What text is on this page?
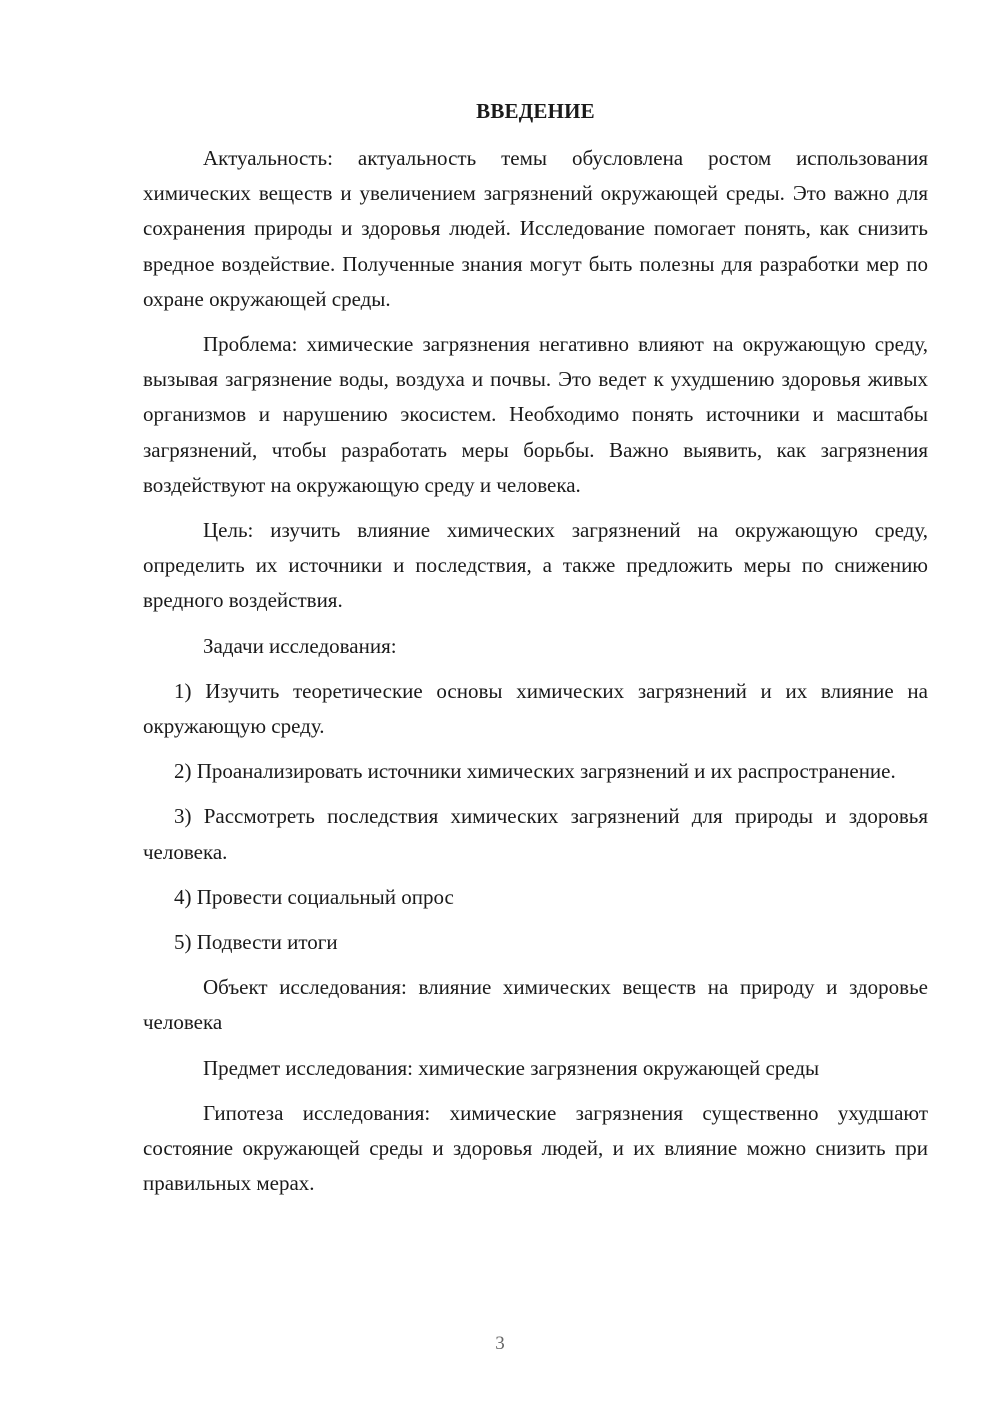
ВВЕДЕНИЕ

Актуальность: актуальность темы обусловлена ростом использования химических веществ и увеличением загрязнений окружающей среды. Это важно для сохранения природы и здоровья людей. Исследование помогает понять, как снизить вредное воздействие. Полученные знания могут быть полезны для разработки мер по охране окружающей среды.

Проблема: химические загрязнения негативно влияют на окружающую среду, вызывая загрязнение воды, воздуха и почвы. Это ведет к ухудшению здоровья живых организмов и нарушению экосистем. Необходимо понять источники и масштабы загрязнений, чтобы разработать меры борьбы. Важно выявить, как загрязнения воздействуют на окружающую среду и человека.

Цель: изучить влияние химических загрязнений на окружающую среду, определить их источники и последствия, а также предложить меры по снижению вредного воздействия.

Задачи исследования:

1) Изучить теоретические основы химических загрязнений и их влияние на окружающую среду.

2) Проанализировать источники химических загрязнений и их распространение.

3) Рассмотреть последствия химических загрязнений для природы и здоровья человека.

4) Провести социальный опрос

5) Подвести итоги

Объект исследования: влияние химических веществ на природу и здоровье человека

Предмет исследования: химические загрязнения окружающей среды

Гипотеза исследования: химические загрязнения существенно ухудшают состояние окружающей среды и здоровья людей, и их влияние можно снизить при правильных мерах.

3
